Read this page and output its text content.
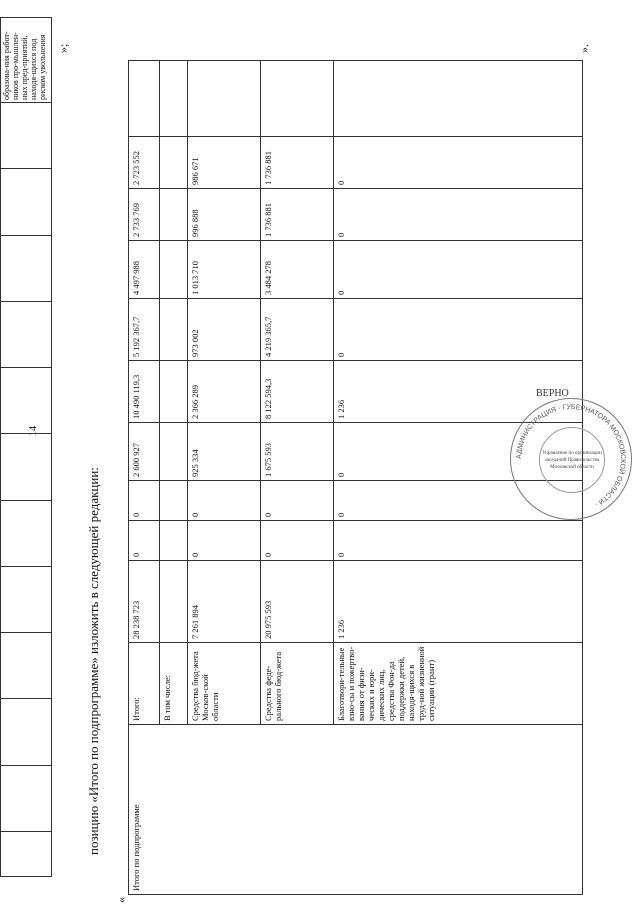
14
												образова-ния работ-ников про-мышлен-ных пред-приятий, находя-щихся под риском увольнения »;
позицию «Итого по подпрограмме» изложить в следующей редакции:
«
Итого по подпрограмме	Итого:	28 238 723	0	0	2 600 927	10 490 119,3	5 192 367,7	4 497 988	2 733 769	2 723 552	
	В том числе:										
	Средства бюд-жета Москов-ской области	7 261 894	0	0	925 334	2 366 289	973 002	1 013 710	996 888	986 671	
	Средства феде-рального бюд-жета	20 975 593	0	0	1 675 593	8 122 594,3	4 219 365,7	3 484 278	1 736 881	1 736 881	
	Благотвори-тельные взно-сы и пожертво-вания от физи-ческих и юри-дических лиц, средства Фон-да поддержки детей, находя-щихся в труд-ной жизненной ситуации (грант)	1 236	0	0	0	1 236	0	0	0	0	
».
АДМИНИСТРАЦИЯ · ГУБЕРНАТОРА МОСКОВСКОЙ ОБЛАСТИ ·
Управление по организации заседаний Правительства Московской области
ВЕРНО
